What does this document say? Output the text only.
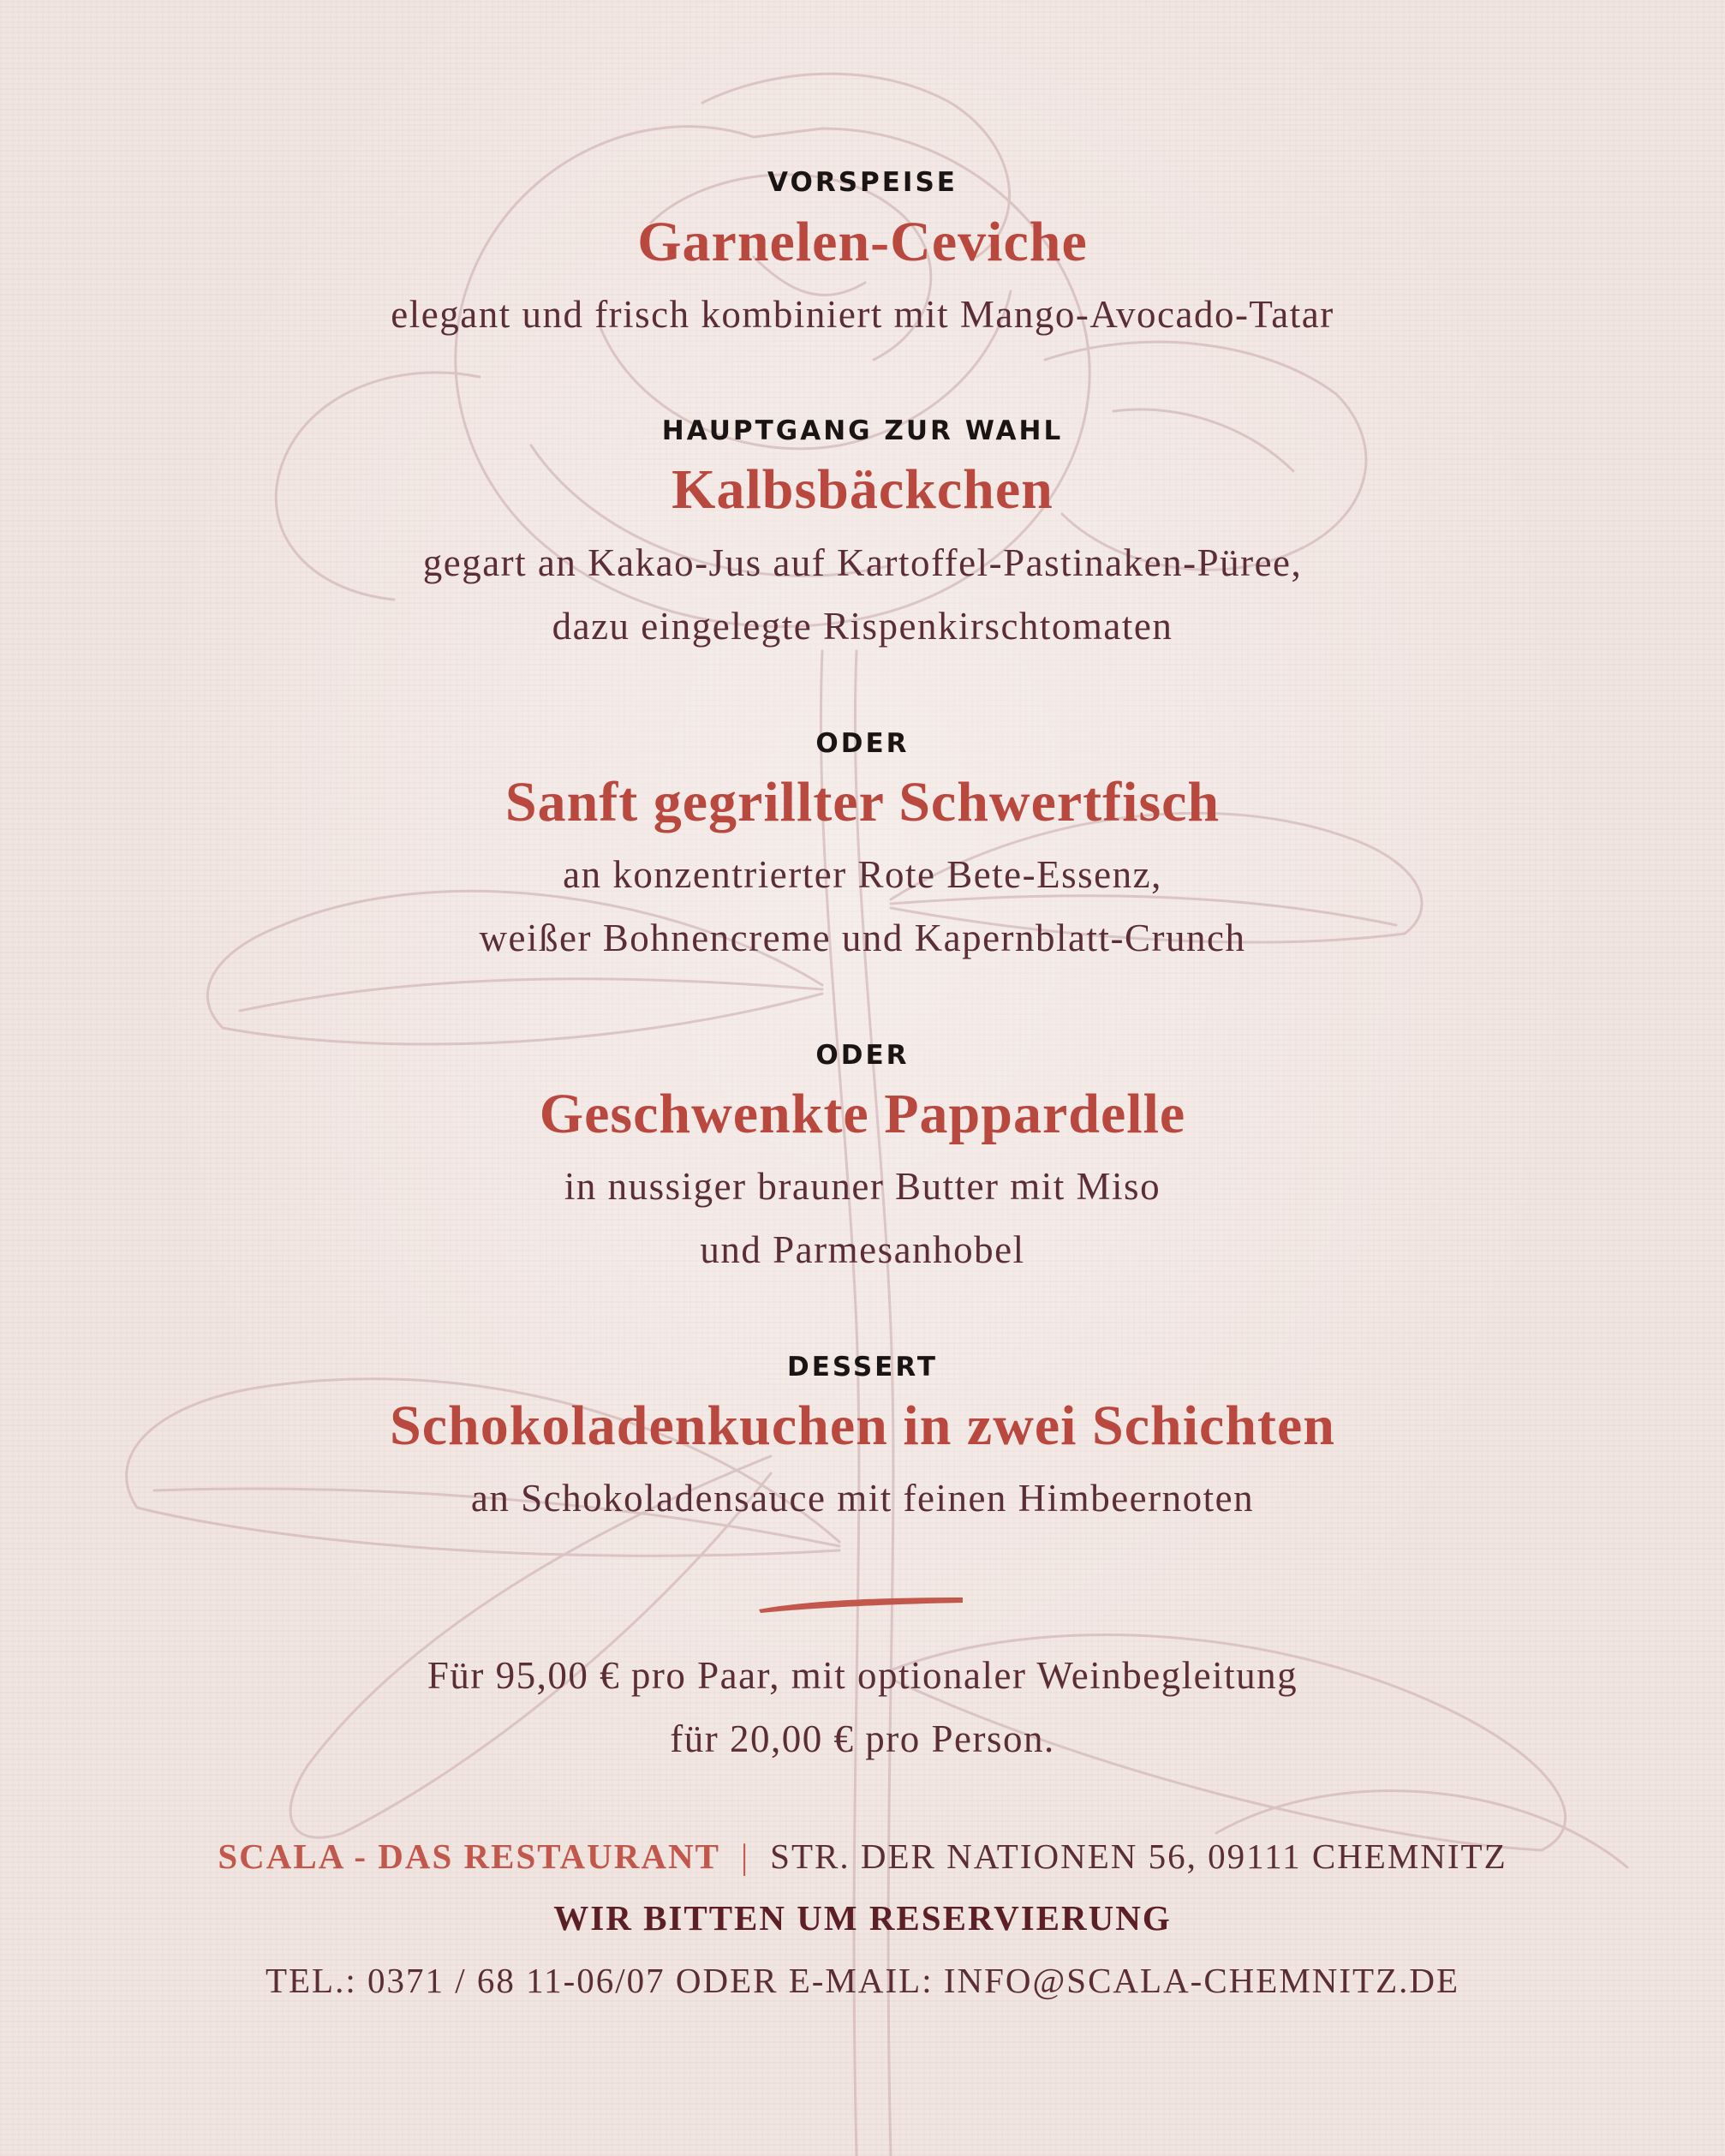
VORSPEISE
Garnelen-Ceviche
elegant und frisch kombiniert mit Mango-Avocado-Tatar
HAUPTGANG ZUR WAHL
Kalbsbäckchen
gegart an Kakao-Jus auf Kartoffel-Pastinaken-Püree,
dazu eingelegte Rispenkirschtomaten
ODER
Sanft gegrillter Schwertfisch
an konzentrierter Rote Bete-Essenz,
weißer Bohnencreme und Kapernblatt-Crunch
ODER
Geschwenkte Pappardelle
in nussiger brauner Butter mit Miso
und Parmesanhobel
DESSERT
Schokoladenkuchen in zwei Schichten
an Schokoladensauce mit feinen Himbeernoten
Für 95,00 € pro Paar, mit optionaler Weinbegleitung
für 20,00 € pro Person.
SCALA - DAS RESTAURANT | STR. DER NATIONEN 56, 09111 CHEMNITZ
WIR BITTEN UM RESERVIERUNG
TEL.: 0371 / 68 11-06/07 ODER E-MAIL: INFO@SCALA-CHEMNITZ.DE
